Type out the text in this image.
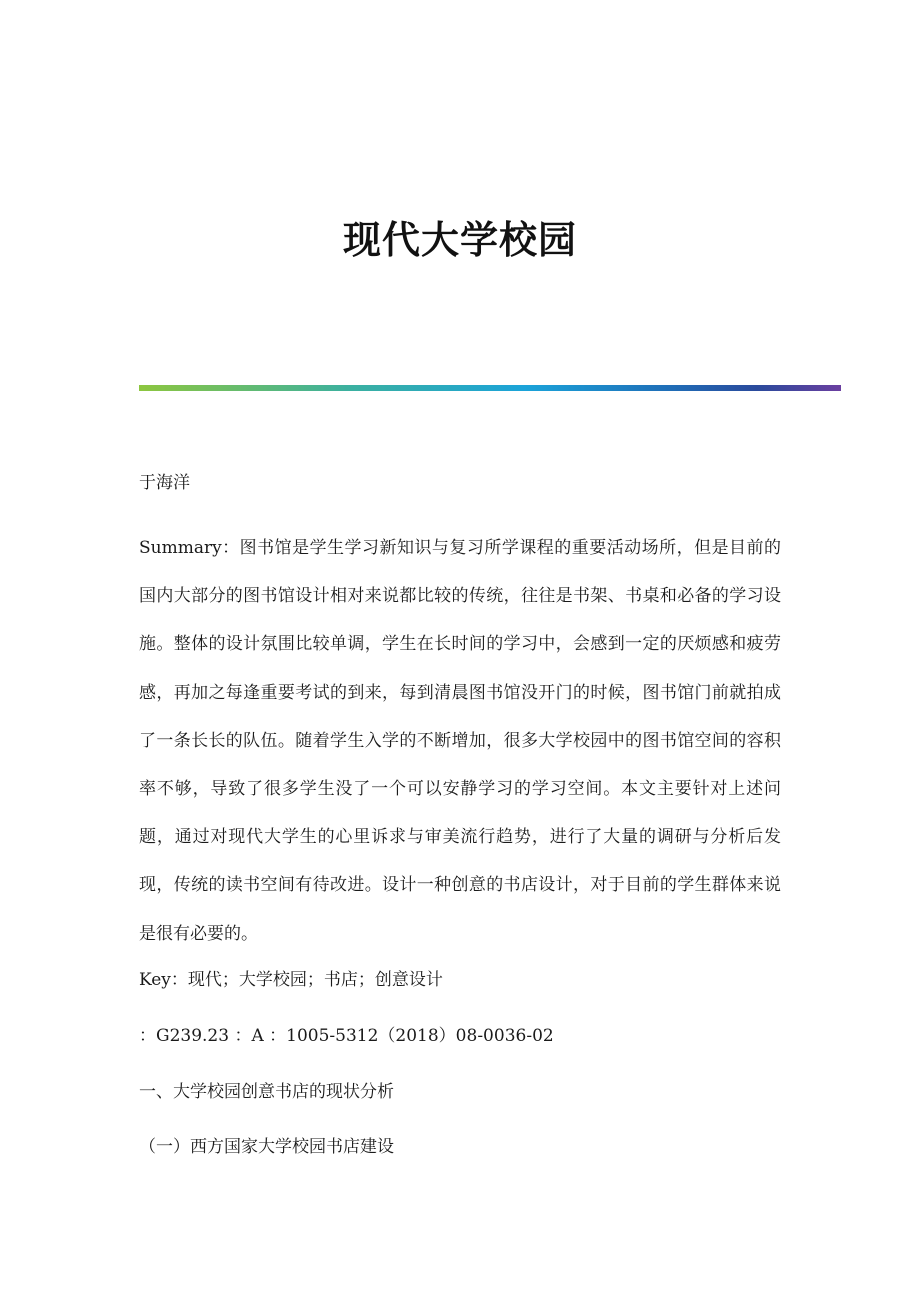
现代大学校园
于海洋

Summary：图书馆是学生学习新知识与复习所学课程的重要活动场所，但是目前的国内大部分的图书馆设计相对来说都比较的传统，往往是书架、书桌和必备的学习设施。整体的设计氛围比较单调，学生在长时间的学习中，会感到一定的厌烦感和疲劳感，再加之每逢重要考试的到来，每到清晨图书馆没开门的时候，图书馆门前就拍成了一条长长的队伍。随着学生入学的不断增加，很多大学校园中的图书馆空间的容积率不够，导致了很多学生没了一个可以安静学习的学习空间。本文主要针对上述问题，通过对现代大学生的心里诉求与审美流行趋势，进行了大量的调研与分析后发现，传统的读书空间有待改进。设计一种创意的书店设计，对于目前的学生群体来说是很有必要的。

Key：现代；大学校园；书店；创意设计
：G239.23 ：A ：1005-5312（2018）08-0036-02
一、大学校园创意书店的现状分析
（一）西方国家大学校园书店建设
